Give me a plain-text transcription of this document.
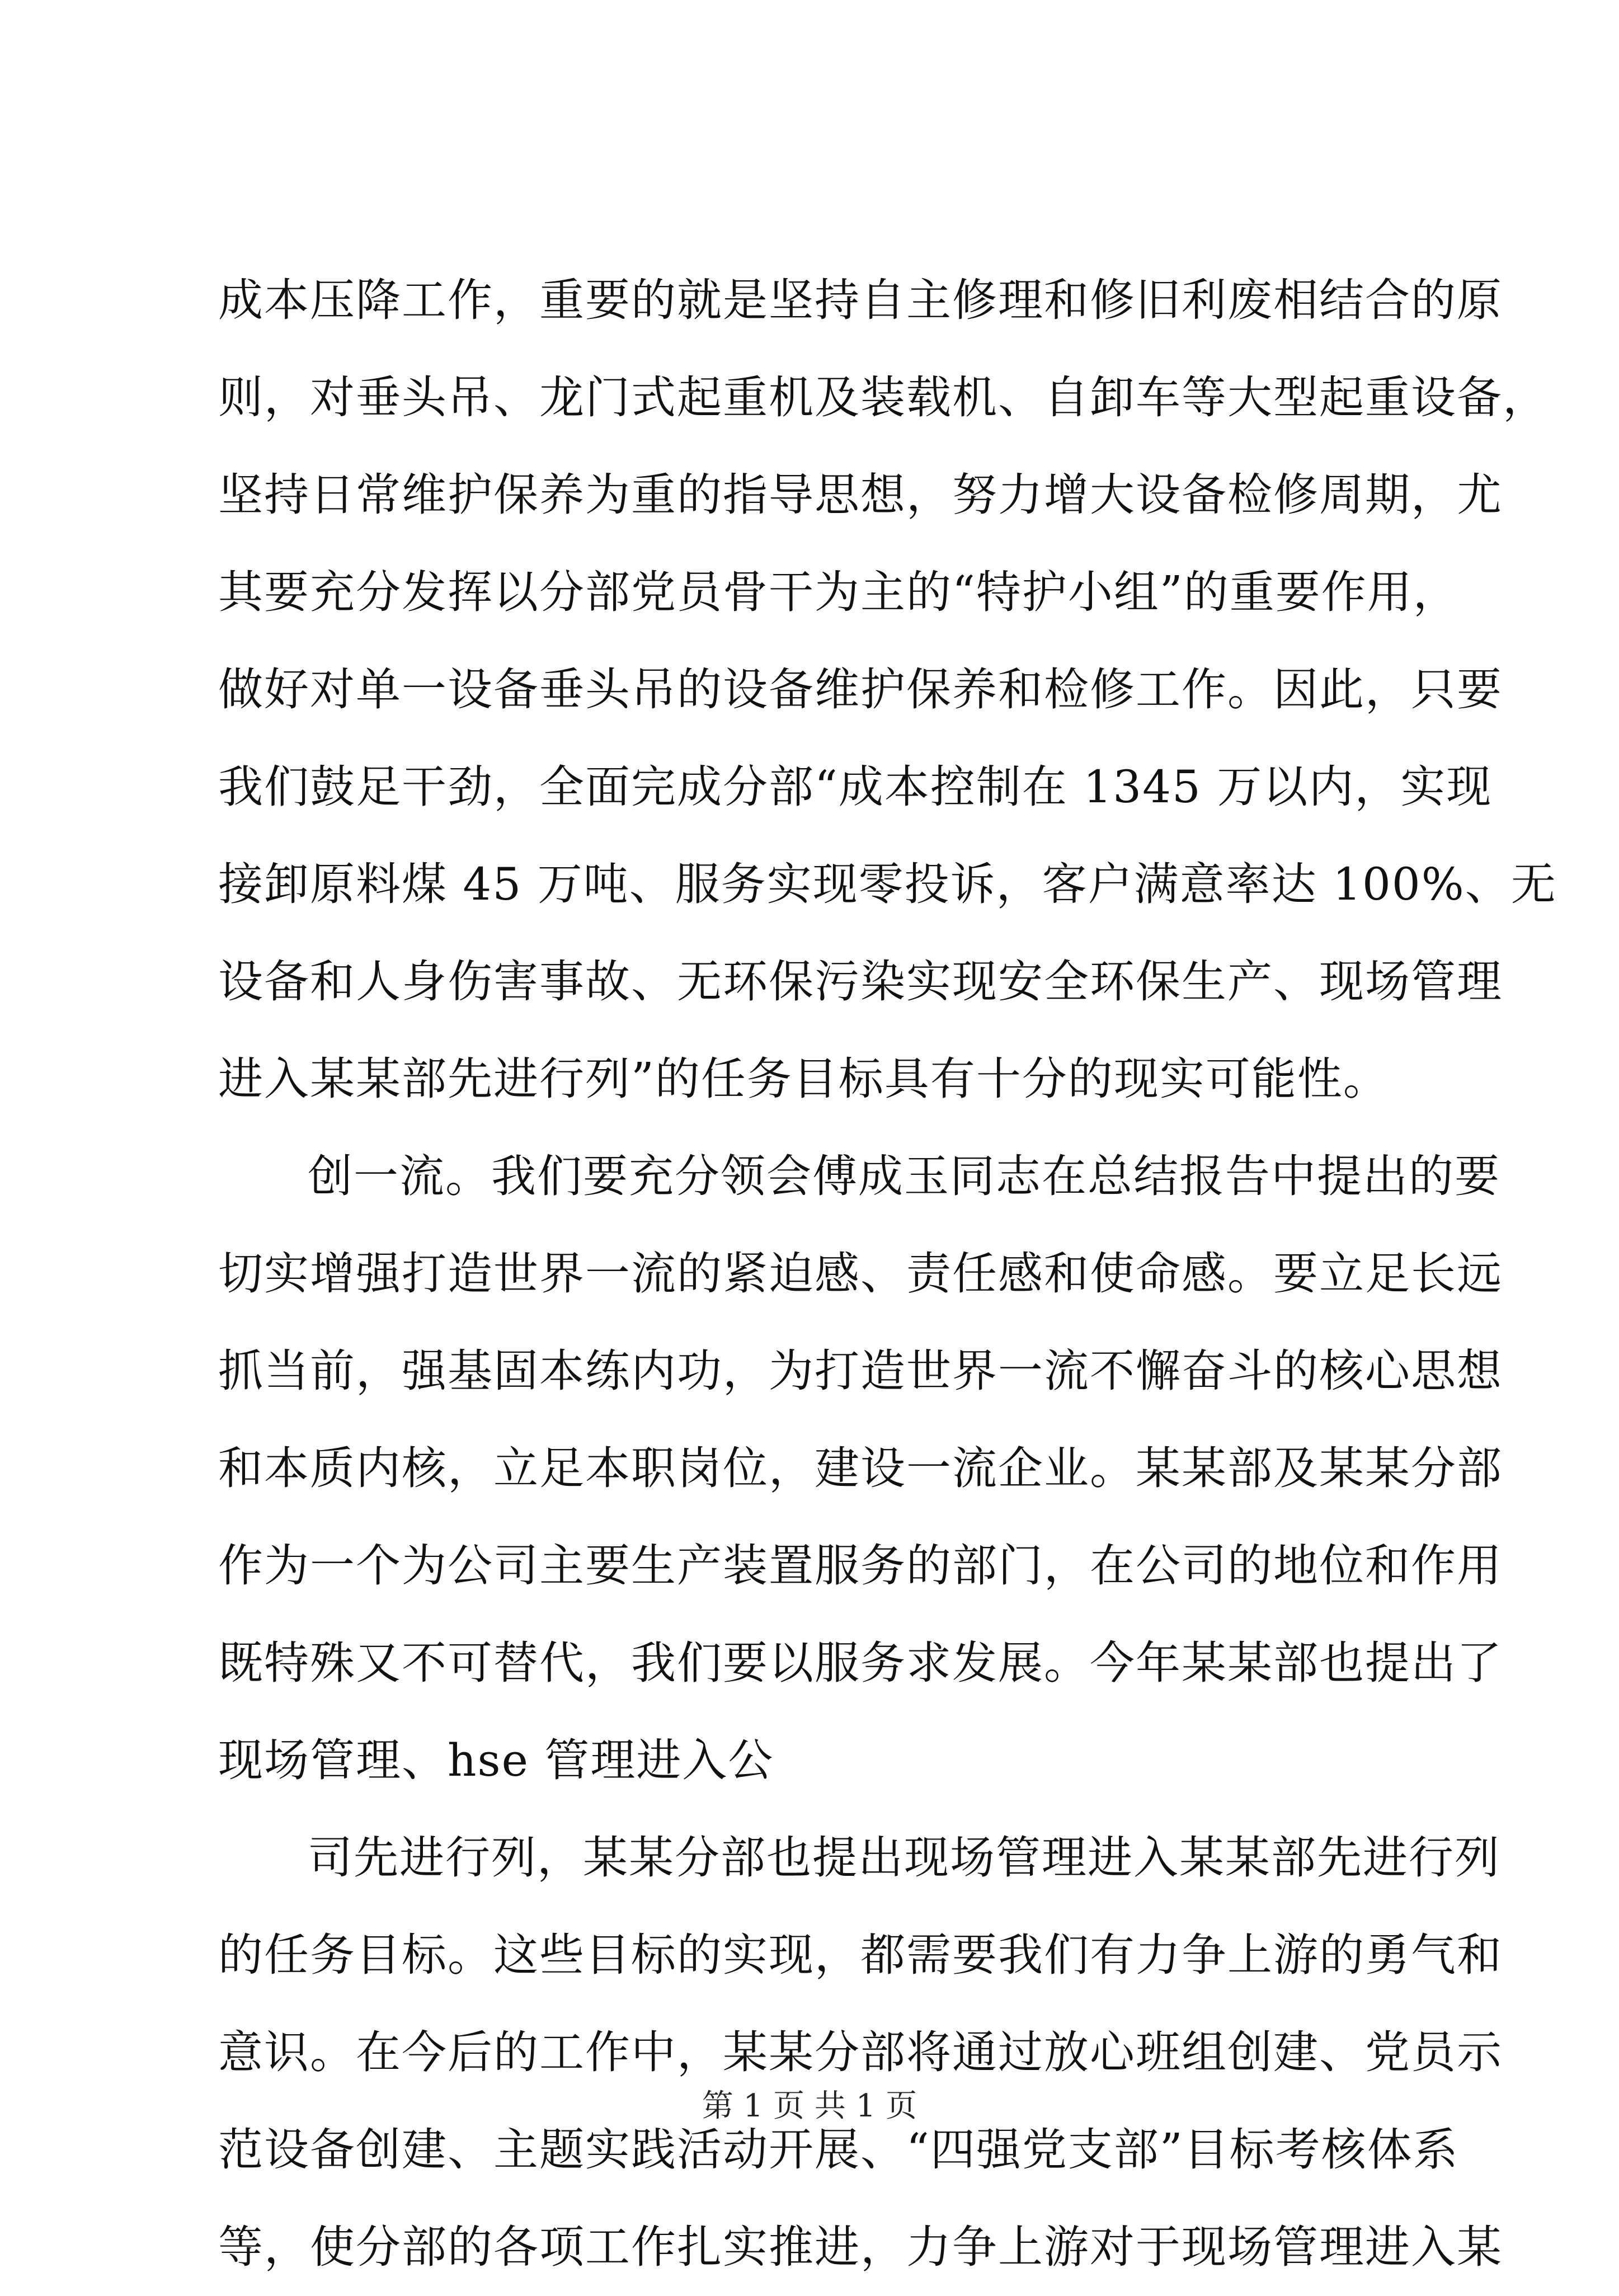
成本压降工作，重要的就是坚持自主修理和修旧利废相结合的原
则，对垂头吊、龙门式起重机及装载机、自卸车等大型起重设备，
坚持日常维护保养为重的指导思想，努力增大设备检修周期，尤
其要充分发挥以分部党员骨干为主的“特护小组”的重要作用，
做好对单一设备垂头吊的设备维护保养和检修工作。因此，只要
我们鼓足干劲，全面完成分部“成本控制在 1345 万以内，实现
接卸原料煤 45 万吨、服务实现零投诉，客户满意率达 100%、无
设备和人身伤害事故、无环保污染实现安全环保生产、现场管理
进入某某部先进行列”的任务目标具有十分的现实可能性。
创一流。我们要充分领会傅成玉同志在总结报告中提出的要
切实增强打造世界一流的紧迫感、责任感和使命感。要立足长远
抓当前，强基固本练内功，为打造世界一流不懈奋斗的核心思想
和本质内核，立足本职岗位，建设一流企业。某某部及某某分部
作为一个为公司主要生产装置服务的部门，在公司的地位和作用
既特殊又不可替代，我们要以服务求发展。今年某某部也提出了
现场管理、hse 管理进入公
司先进行列，某某分部也提出现场管理进入某某部先进行列
的任务目标。这些目标的实现，都需要我们有力争上游的勇气和
意识。在今后的工作中，某某分部将通过放心班组创建、党员示
范设备创建、主题实践活动开展、“四强党支部”目标考核体系
等，使分部的各项工作扎实推进，力争上游对于现场管理进入某
第 1 页 共 1 页
